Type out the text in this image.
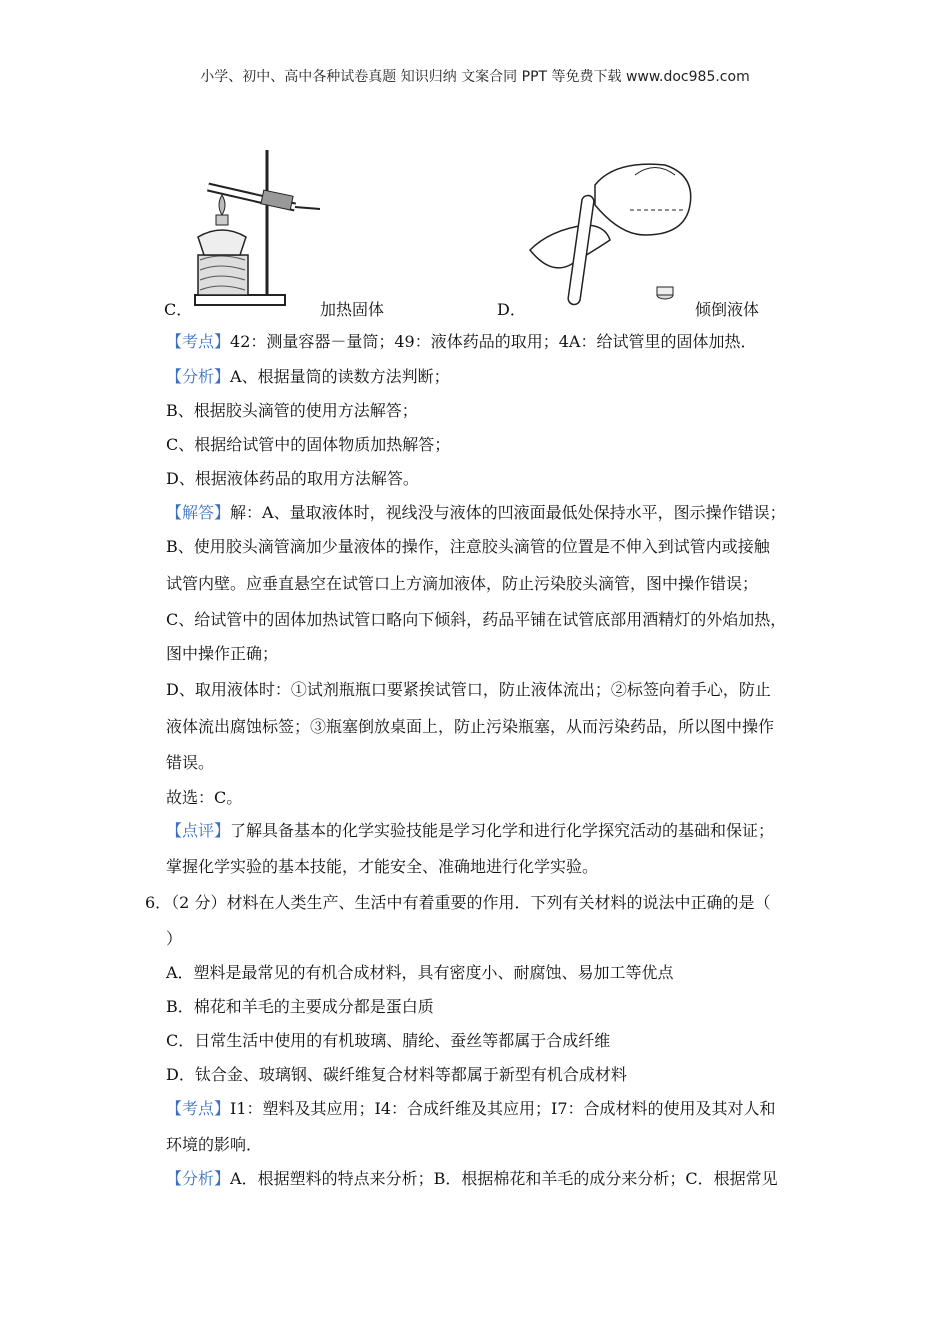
小学、初中、高中各种试卷真题 知识归纳 文案合同 PPT 等免费下载 www.doc985.com
C．	加热固体	D．	倾倒液体
【考点】42：测量容器－量筒；49：液体药品的取用；4A：给试管里的固体加热．
【分析】A、根据量筒的读数方法判断；
B、根据胶头滴管的使用方法解答；
C、根据给试管中的固体物质加热解答；
D、根据液体药品的取用方法解答。
【解答】解：A、量取液体时，视线没与液体的凹液面最低处保持水平，图示操作错误；
B、使用胶头滴管滴加少量液体的操作，注意胶头滴管的位置是不伸入到试管内或接触
试管内壁。应垂直悬空在试管口上方滴加液体，防止污染胶头滴管，图中操作错误；
C、给试管中的固体加热试管口略向下倾斜，药品平铺在试管底部用酒精灯的外焰加热，
图中操作正确；
D、取用液体时：①试剂瓶瓶口要紧挨试管口，防止液体流出；②标签向着手心，防止
液体流出腐蚀标签；③瓶塞倒放桌面上，防止污染瓶塞，从而污染药品，所以图中操作
错误。
故选：C。
【点评】了解具备基本的化学实验技能是学习化学和进行化学探究活动的基础和保证；
掌握化学实验的基本技能，才能安全、准确地进行化学实验。
6．（2 分）材料在人类生产、生活中有着重要的作用．下列有关材料的说法中正确的是（
）
A．塑料是最常见的有机合成材料，具有密度小、耐腐蚀、易加工等优点
B．棉花和羊毛的主要成分都是蛋白质
C．日常生活中使用的有机玻璃、腈纶、蚕丝等都属于合成纤维
D．钛合金、玻璃钢、碳纤维复合材料等都属于新型有机合成材料
【考点】I1：塑料及其应用；I4：合成纤维及其应用；I7：合成材料的使用及其对人和
环境的影响．
【分析】A．根据塑料的特点来分析；B．根据棉花和羊毛的成分来分析；C．根据常见
